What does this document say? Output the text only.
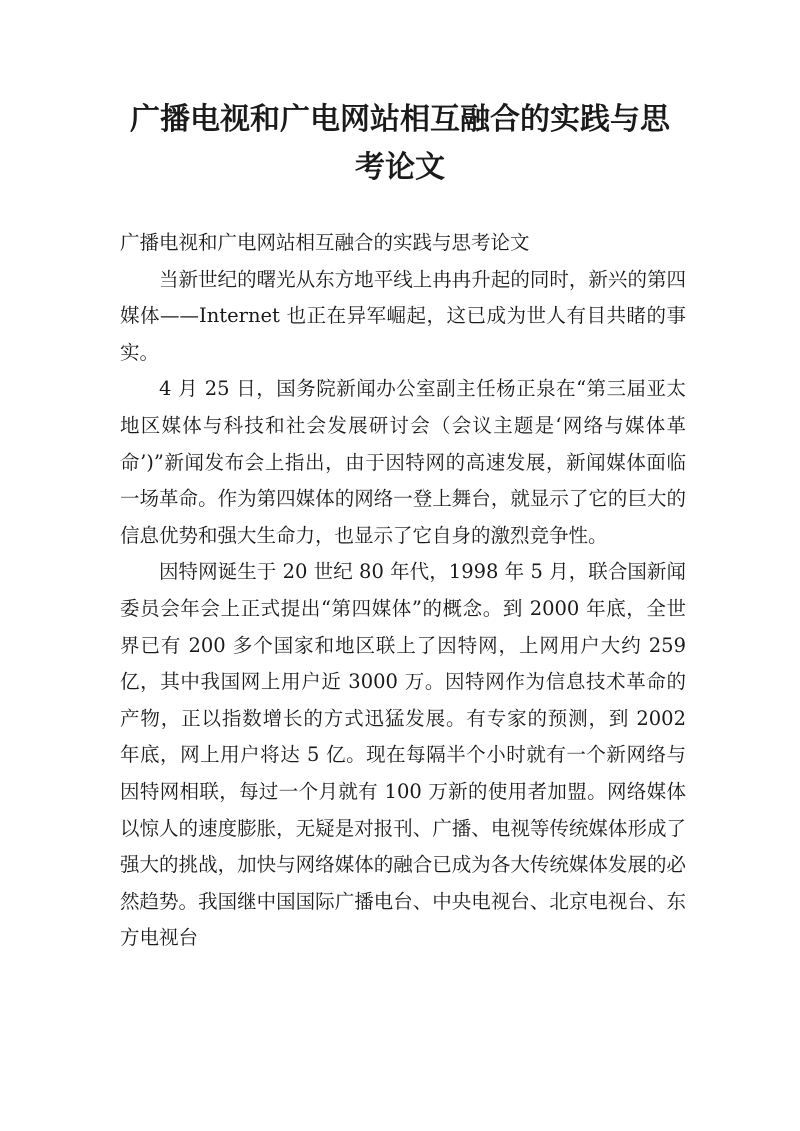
广播电视和广电网站相互融合的实践与思
考论文

广播电视和广电网站相互融合的实践与思考论文

当新世纪的曙光从东方地平线上冉冉升起的同时，新兴的第四媒体——Internet 也正在异军崛起，这已成为世人有目共睹的事实。

4 月 25 日，国务院新闻办公室副主任杨正泉在“第三届亚太地区媒体与科技和社会发展研讨会（会议主题是‘网络与媒体革命’)”新闻发布会上指出，由于因特网的高速发展，新闻媒体面临一场革命。作为第四媒体的网络一登上舞台，就显示了它的巨大的信息优势和强大生命力，也显示了它自身的激烈竞争性。

因特网诞生于 20 世纪 80 年代，1998 年 5 月，联合国新闻委员会年会上正式提出“第四媒体”的概念。到 2000 年底，全世界已有 200 多个国家和地区联上了因特网，上网用户大约 259 亿，其中我国网上用户近 3000 万。因特网作为信息技术革命的产物，正以指数增长的方式迅猛发展。有专家的预测，到 2002 年底，网上用户将达 5 亿。现在每隔半个小时就有一个新网络与因特网相联，每过一个月就有 100 万新的使用者加盟。网络媒体以惊人的速度膨胀，无疑是对报刊、广播、电视等传统媒体形成了强大的挑战，加快与网络媒体的融合已成为各大传统媒体发展的必然趋势。我国继中国国际广播电台、中央电视台、北京电视台、东方电视台
